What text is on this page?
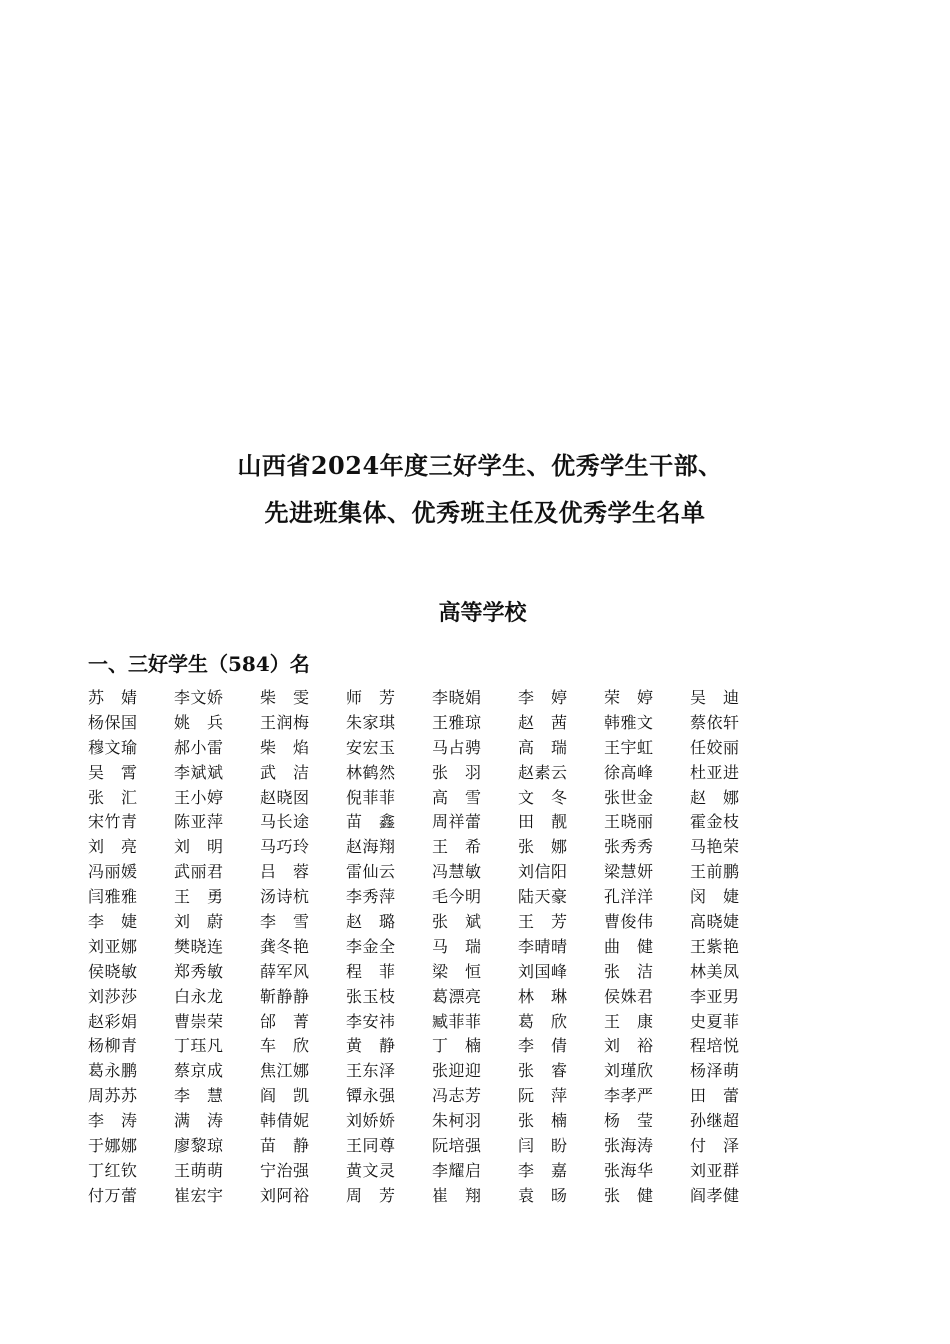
山西省2024年度三好学生、优秀学生干部、
先进班集体、优秀班主任及优秀学生名单
高等学校
一、三好学生（584）名
苏　婧	李文娇	柴　雯	师　芳	李晓娟	李　婷	荣　婷	吴　迪
杨保国	姚　兵	王润梅	朱家琪	王雅琼	赵　茜	韩雅文	蔡依轩
穆文瑜	郝小雷	柴　焰	安宏玉	马占骋	高　瑞	王宇虹	任姣丽
吴　霄	李斌斌	武　洁	林鹤然	张　羽	赵素云	徐高峰	杜亚进
张　汇	王小婷	赵晓囡	倪菲菲	高　雪	文　冬	张世金	赵　娜
宋竹青	陈亚萍	马长途	苗　鑫	周祥蕾	田　靓	王晓丽	霍金枝
刘　亮	刘　明	马巧玲	赵海翔	王　希	张　娜	张秀秀	马艳荣
冯丽媛	武丽君	吕　蓉	雷仙云	冯慧敏	刘信阳	梁慧妍	王前鹏
闫雅雅	王　勇	汤诗杭	李秀萍	毛今明	陆天豪	孔洋洋	闵　婕
李　婕	刘　蔚	李　雪	赵　璐	张　斌	王　芳	曹俊伟	高晓婕
刘亚娜	樊晓连	龚冬艳	李金全	马　瑞	李晴晴	曲　健	王紫艳
侯晓敏	郑秀敏	薛军风	程　菲	梁　恒	刘国峰	张　洁	林美凤
刘莎莎	白永龙	靳静静	张玉枝	葛漂亮	林　琳	侯姝君	李亚男
赵彩娟	曹崇荣	邰　菁	李安祎	臧菲菲	葛　欣	王　康	史夏菲
杨柳青	丁珏凡	车　欣	黄　静	丁　楠	李　倩	刘　裕	程培悦
葛永鹏	蔡京成	焦江娜	王东泽	张迎迎	张　睿	刘瑾欣	杨泽萌
周苏苏	李　慧	阎　凯	镡永强	冯志芳	阮　萍	李孝严	田　蕾
李　涛	满　涛	韩倩妮	刘娇娇	朱柯羽	张　楠	杨　莹	孙继超
于娜娜	廖黎琼	苗　静	王同尊	阮培强	闫　盼	张海涛	付　泽
丁红钦	王萌萌	宁治强	黄文灵	李耀启	李　嘉	张海华	刘亚群
付万蕾	崔宏宇	刘阿裕	周　芳	崔　翔	袁　旸	张　健	阎孝健
